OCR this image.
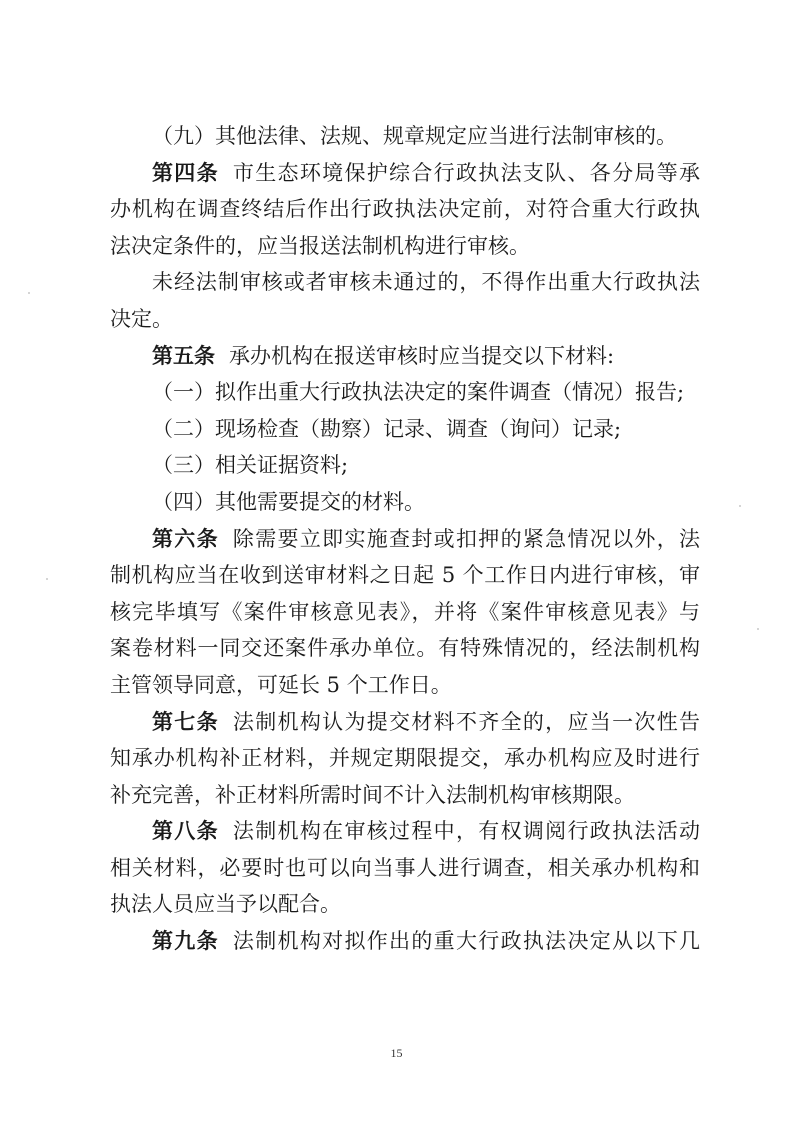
（九）其他法律、法规、规章规定应当进行法制审核的。
第四条 市生态环境保护综合行政执法支队、各分局等承
办机构在调查终结后作出行政执法决定前，对符合重大行政执
法决定条件的，应当报送法制机构进行审核。
未经法制审核或者审核未通过的，不得作出重大行政执法
决定。
第五条 承办机构在报送审核时应当提交以下材料:
（一）拟作出重大行政执法决定的案件调查（情况）报告;
（二）现场检查（勘察）记录、调查（询问）记录;
（三）相关证据资料;
（四）其他需要提交的材料。
第六条 除需要立即实施查封或扣押的紧急情况以外，法
制机构应当在收到送审材料之日起 5 个工作日内进行审核，审
核完毕填写《案件审核意见表》，并将《案件审核意见表》与
案卷材料一同交还案件承办单位。有特殊情况的，经法制机构
主管领导同意，可延长 5 个工作日。
第七条 法制机构认为提交材料不齐全的，应当一次性告
知承办机构补正材料，并规定期限提交，承办机构应及时进行
补充完善，补正材料所需时间不计入法制机构审核期限。
第八条 法制机构在审核过程中，有权调阅行政执法活动
相关材料，必要时也可以向当事人进行调查，相关承办机构和
执法人员应当予以配合。
第九条 法制机构对拟作出的重大行政执法决定从以下几
15
